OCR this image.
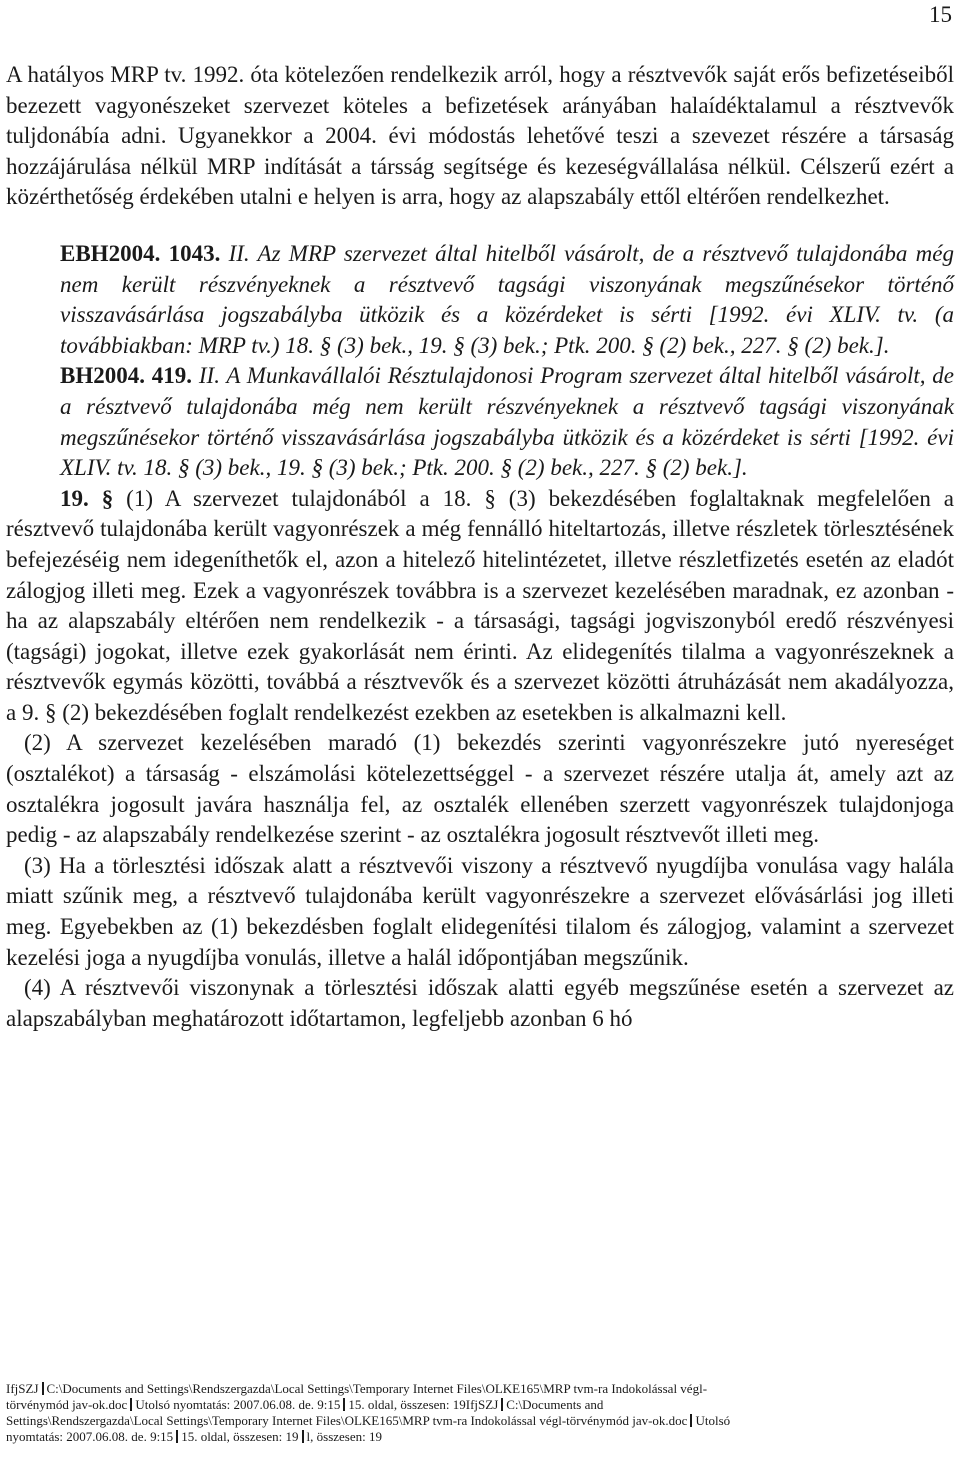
15

A hatályos MRP tv. 1992. óta kötelezően rendelkezik arról, hogy a résztvevők saját erős befizetéseiből bezezett vagyonészeket szervezet köteles a befizetések arányában halaídéktalamul a résztvevők tuljdonábía adni. Ugyanekkor a 2004. évi módostás lehetővé teszi a szevezet részére a társaság hozzájárulása nélkül MRP indítását a társság segítsége és kezeségvállalása nélkül. Célszerű ezért a közérthetőség érdekében utalni e helyen is arra, hogy az alapszabály ettől eltérően rendelkezhet.

EBH2004. 1043. II. Az MRP szervezet által hitelből vásárolt, de a résztvevő tulajdonába még nem került részvényeknek a résztvevő tagsági viszonyának megszűnésekor történő visszavásárlása jogszabályba ütközik és a közérdeket is sérti [1992. évi XLIV. tv. (a továbbiakban: MRP tv.) 18. § (3) bek., 19. § (3) bek.; Ptk. 200. § (2) bek., 227. § (2) bek.].

BH2004. 419. II. A Munkavállalói Résztulajdonosi Program szervezet által hitelből vásárolt, de a résztvevő tulajdonába még nem került részvényeknek a résztvevő tagsági viszonyának megszűnésekor történő visszavásárlása jogszabályba ütközik és a közérdeket is sérti [1992. évi XLIV. tv. 18. § (3) bek., 19. § (3) bek.; Ptk. 200. § (2) bek., 227. § (2) bek.].

19. § (1) A szervezet tulajdonából a 18. § (3) bekezdésében foglaltaknak megfelelően a résztvevő tulajdonába került vagyonrészek a még fennálló hiteltartozás, illetve részletek törlesztésének befejezéséig nem idegeníthetők el, azon a hitelező hitelintézetet, illetve részletfizetés esetén az eladót zálogjog illeti meg. Ezek a vagyonrészek továbbra is a szervezet kezelésében maradnak, ez azonban - ha az alapszabály eltérően nem rendelkezik - a társasági, tagsági jogviszonyból eredő részvényesi (tagsági) jogokat, illetve ezek gyakorlását nem érinti. Az elidegenítés tilalma a vagyonrészeknek a résztvevők egymás közötti, továbbá a résztvevők és a szervezet közötti átruházását nem akadályozza, a 9. § (2) bekezdésében foglalt rendelkezést ezekben az esetekben is alkalmazni kell.

(2) A szervezet kezelésében maradó (1) bekezdés szerinti vagyonrészekre jutó nyereséget (osztalékot) a társaság - elszámolási kötelezettséggel - a szervezet részére utalja át, amely azt az osztalékra jogosult javára használja fel, az osztalék ellenében szerzett vagyonrészek tulajdonjoga pedig - az alapszabály rendelkezése szerint - az osztalékra jogosult résztvevőt illeti meg.

(3) Ha a törlesztési időszak alatt a résztvevői viszony a résztvevő nyugdíjba vonulása vagy halála miatt szűnik meg, a résztvevő tulajdonába került vagyonrészekre a szervezet elővásárlási jog illeti meg. Egyebekben az (1) bekezdésben foglalt elidegenítési tilalom és zálogjog, valamint a szervezet kezelési joga a nyugdíjba vonulás, illetve a halál időpontjában megszűnik.

(4) A résztvevői viszonynak a törlesztési időszak alatti egyéb megszűnése esetén a szervezet az alapszabályban meghatározott időtartamon, legfeljebb azonban 6 hó

IfjSZJ C:\Documents and Settings\Rendszergazda\Local Settings\Temporary Internet Files\OLKE165\MRP tvm-ra Indokolással végl-
törvénymód jav-ok.doc Utolsó nyomtatás: 2007.06.08. de. 9:15 15. oldal, összesen: 19IfjSZJ C:\Documents and
Settings\Rendszergazda\Local Settings\Temporary Internet Files\OLKE165\MRP tvm-ra Indokolással végl-törvénymód jav-ok.doc Utolsó
nyomtatás: 2007.06.08. de. 9:15 15. oldal, összesen: 19 l, összesen: 19
